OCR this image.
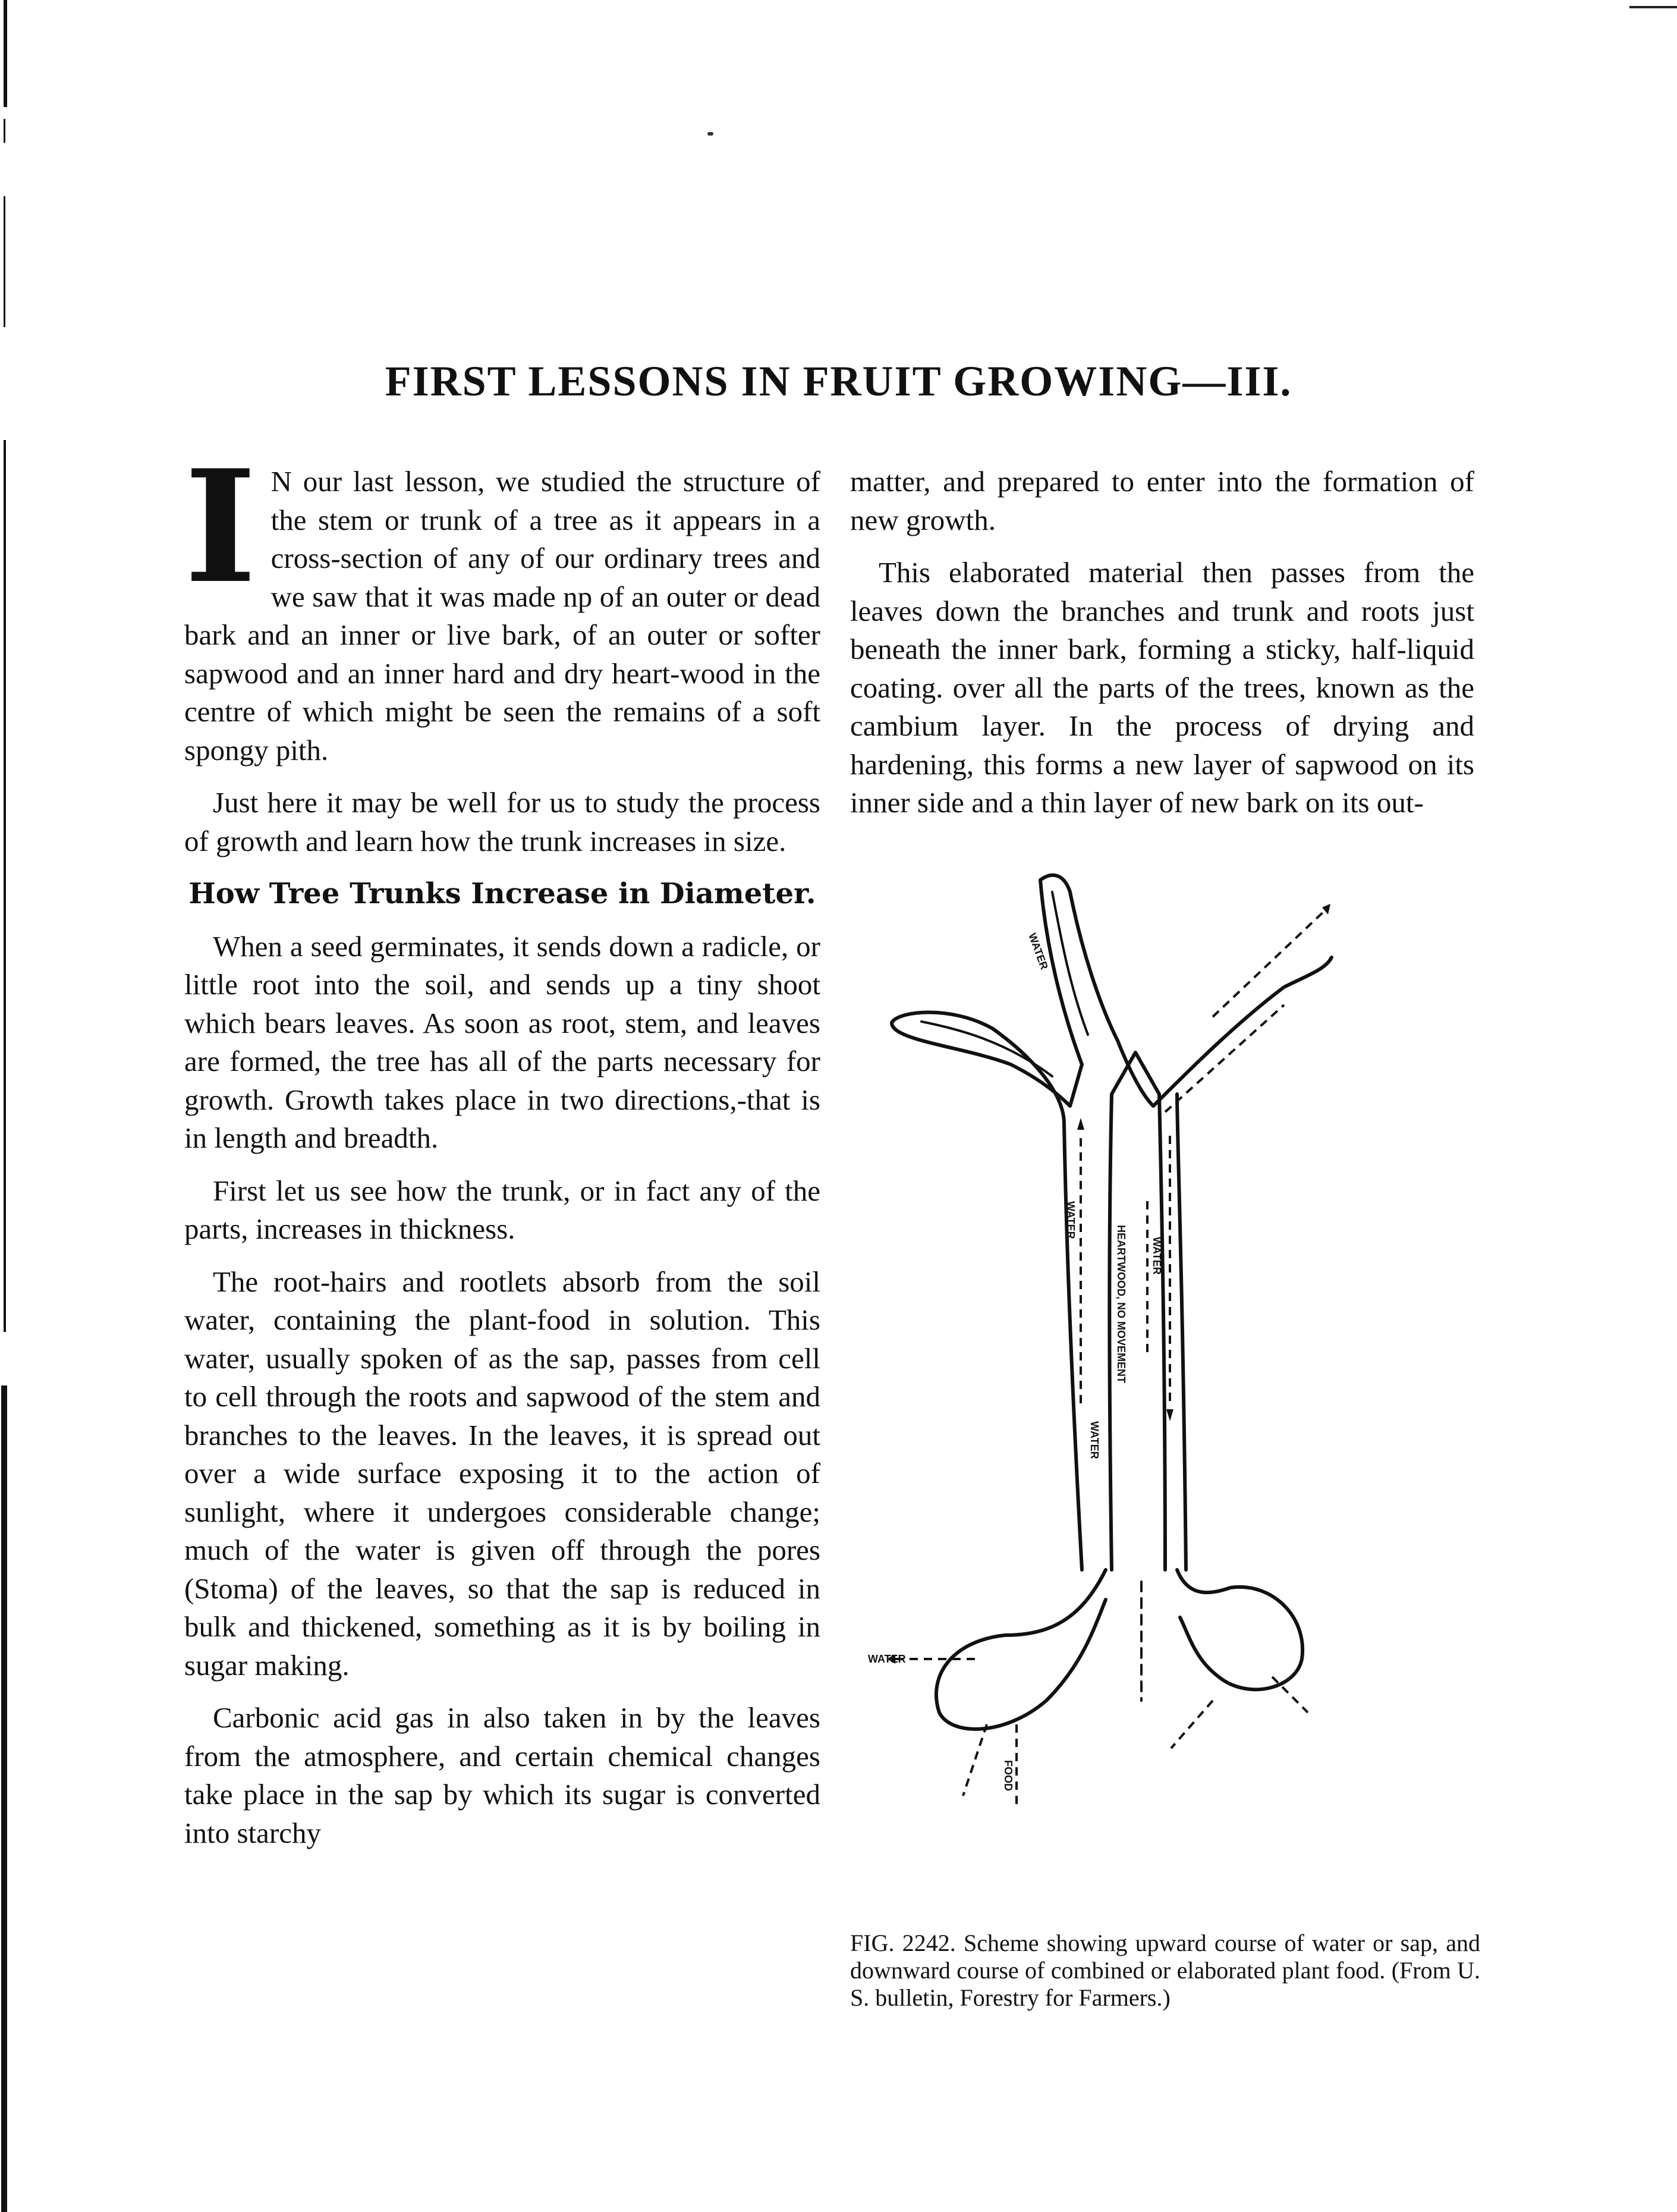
FIRST LESSONS IN FRUIT GROWING—III.

I N our last lesson, we studied the structure of the stem or trunk of a tree as it appears in a cross-section of any of our ordinary trees and we saw that it was made np of an outer or dead bark and an inner or live bark, of an outer or softer sapwood and an inner hard and dry heart-wood in the centre of which might be seen the remains of a soft spongy pith.

Just here it may be well for us to study the process of growth and learn how the trunk increases in size.

How Tree Trunks Increase in Diameter.

When a seed germinates, it sends down a radicle, or little root into the soil, and sends up a tiny shoot which bears leaves. As soon as root, stem, and leaves are formed, the tree has all of the parts necessary for growth. Growth takes place in two directions,-that is in length and breadth.

First let us see how the trunk, or in fact any of the parts, increases in thickness.

The root-hairs and rootlets absorb from the soil water, containing the plant-food in solution. This water, usually spoken of as the sap, passes from cell to cell through the roots and sapwood of the stem and branches to the leaves. In the leaves, it is spread out over a wide surface exposing it to the action of sunlight, where it undergoes considerable change; much of the water is given off through the pores (Stoma) of the leaves, so that the sap is reduced in bulk and thickened, something as it is by boiling in sugar making.

Carbonic acid gas in also taken in by the leaves from the atmosphere, and certain chemical changes take place in the sap by which its sugar is converted into starchy

matter, and prepared to enter into the formation of new growth.

This elaborated material then passes from the leaves down the branches and trunk and roots just beneath the inner bark, forming a sticky, half-liquid coating. over all the parts of the trees, known as the cambium layer. In the process of drying and hardening, this forms a new layer of sapwood on its inner side and a thin layer of new bark on its out-

HEARTWOOD, NO MOVEMENT
WATER
WATER
WATER
WATER
WATER
FOOD

FIG. 2242. Scheme showing upward course of water or sap, and downward course of combined or elaborated plant food. (From U. S. bulletin, Forestry for Farmers.)
